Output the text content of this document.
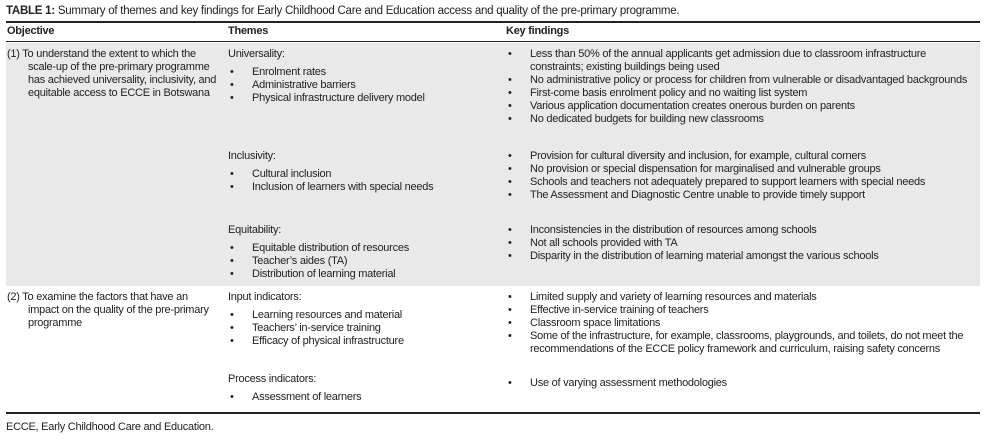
TABLE 1: Summary of themes and key findings for Early Childhood Care and Education access and quality of the pre-primary programme.
Objective	Themes	Key findings
(1) To understand the extent to which the scale-up of the pre-primary programme has achieved universality, inclusivity, and equitable access to ECCE in Botswana
Universality:
• Enrolment rates
• Administrative barriers
• Physical infrastructure delivery model
• Less than 50% of the annual applicants get admission due to classroom infrastructure constraints; existing buildings being used
• No administrative policy or process for children from vulnerable or disadvantaged backgrounds
• First-come basis enrolment policy and no waiting list system
• Various application documentation creates onerous burden on parents
• No dedicated budgets for building new classrooms
Inclusivity:
• Cultural inclusion
• Inclusion of learners with special needs
• Provision for cultural diversity and inclusion, for example, cultural corners
• No provision or special dispensation for marginalised and vulnerable groups
• Schools and teachers not adequately prepared to support learners with special needs
• The Assessment and Diagnostic Centre unable to provide timely support
Equitability:
• Equitable distribution of resources
• Teacher’s aides (TA)
• Distribution of learning material
• Inconsistencies in the distribution of resources among schools
• Not all schools provided with TA
• Disparity in the distribution of learning material amongst the various schools
(2) To examine the factors that have an impact on the quality of the pre-primary programme
Input indicators:
• Learning resources and material
• Teachers’ in-service training
• Efficacy of physical infrastructure
• Limited supply and variety of learning resources and materials
• Effective in-service training of teachers
• Classroom space limitations
• Some of the infrastructure, for example, classrooms, playgrounds, and toilets, do not meet the recommendations of the ECCE policy framework and curriculum, raising safety concerns
Process indicators:
• Assessment of learners
• Use of varying assessment methodologies
ECCE, Early Childhood Care and Education.
